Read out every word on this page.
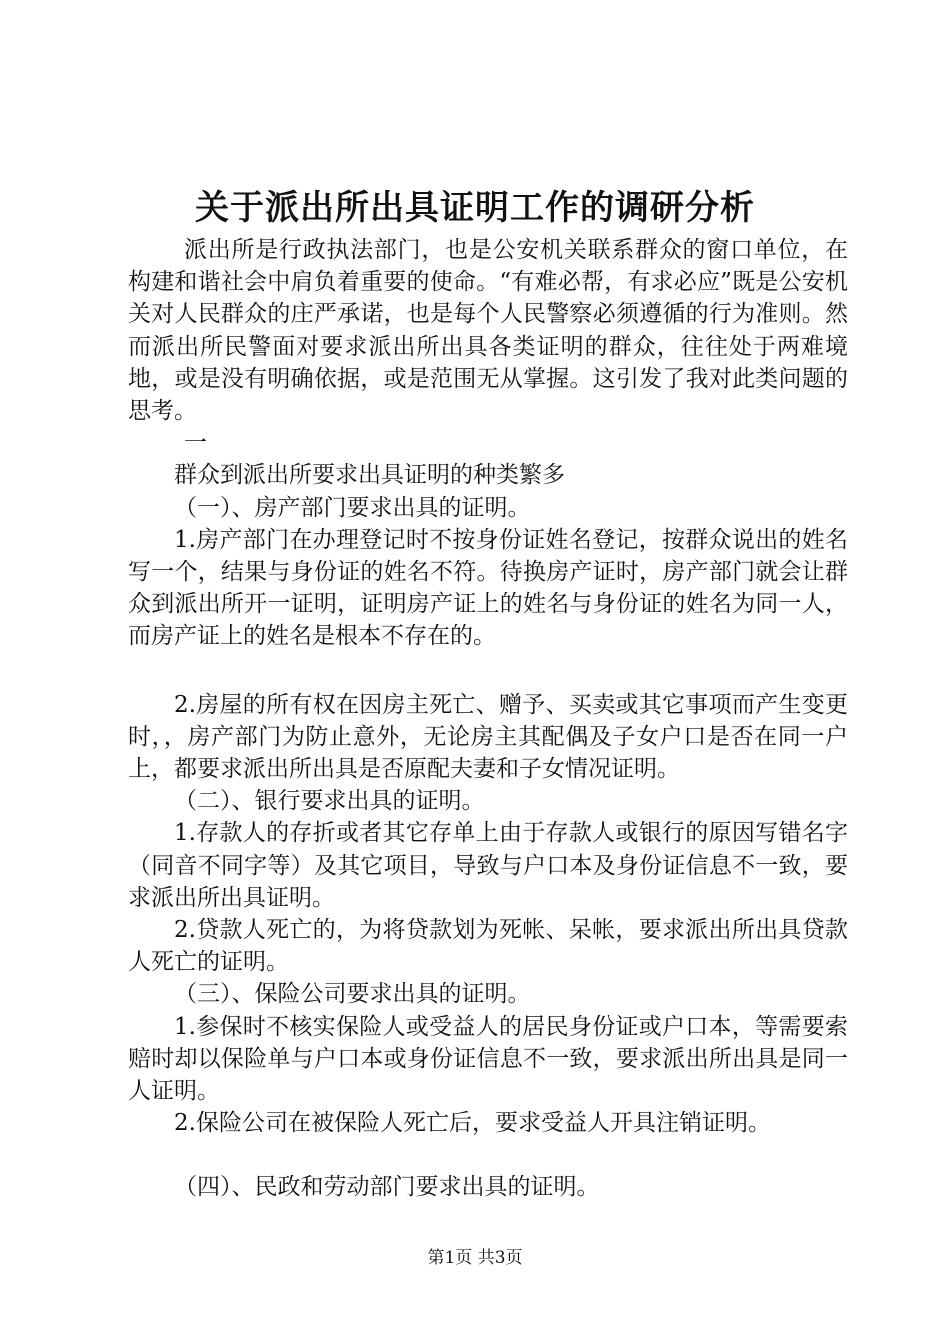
关于派出所出具证明工作的调研分析

派出所是行政执法部门，也是公安机关联系群众的窗口单位，在构建和谐社会中肩负着重要的使命。“有难必帮，有求必应”既是公安机关对人民群众的庄严承诺，也是每个人民警察必须遵循的行为准则。然而派出所民警面对要求派出所出具各类证明的群众，往往处于两难境地，或是没有明确依据，或是范围无从掌握。这引发了我对此类问题的思考。

一

群众到派出所要求出具证明的种类繁多

（一）、房产部门要求出具的证明。

1.房产部门在办理登记时不按身份证姓名登记，按群众说出的姓名写一个，结果与身份证的姓名不符。待换房产证时，房产部门就会让群众到派出所开一证明，证明房产证上的姓名与身份证的姓名为同一人，而房产证上的姓名是根本不存在的。

2.房屋的所有权在因房主死亡、赠予、买卖或其它事项而产生变更时，，房产部门为防止意外，无论房主其配偶及子女户口是否在同一户上，都要求派出所出具是否原配夫妻和子女情况证明。

（二）、银行要求出具的证明。

1.存款人的存折或者其它存单上由于存款人或银行的原因写错名字（同音不同字等）及其它项目，导致与户口本及身份证信息不一致，要求派出所出具证明。

2.贷款人死亡的，为将贷款划为死帐、呆帐，要求派出所出具贷款人死亡的证明。

（三）、保险公司要求出具的证明。

1.参保时不核实保险人或受益人的居民身份证或户口本，等需要索赔时却以保险单与户口本或身份证信息不一致，要求派出所出具是同一人证明。

2.保险公司在被保险人死亡后，要求受益人开具注销证明。

（四）、民政和劳动部门要求出具的证明。

第1页 共3页
